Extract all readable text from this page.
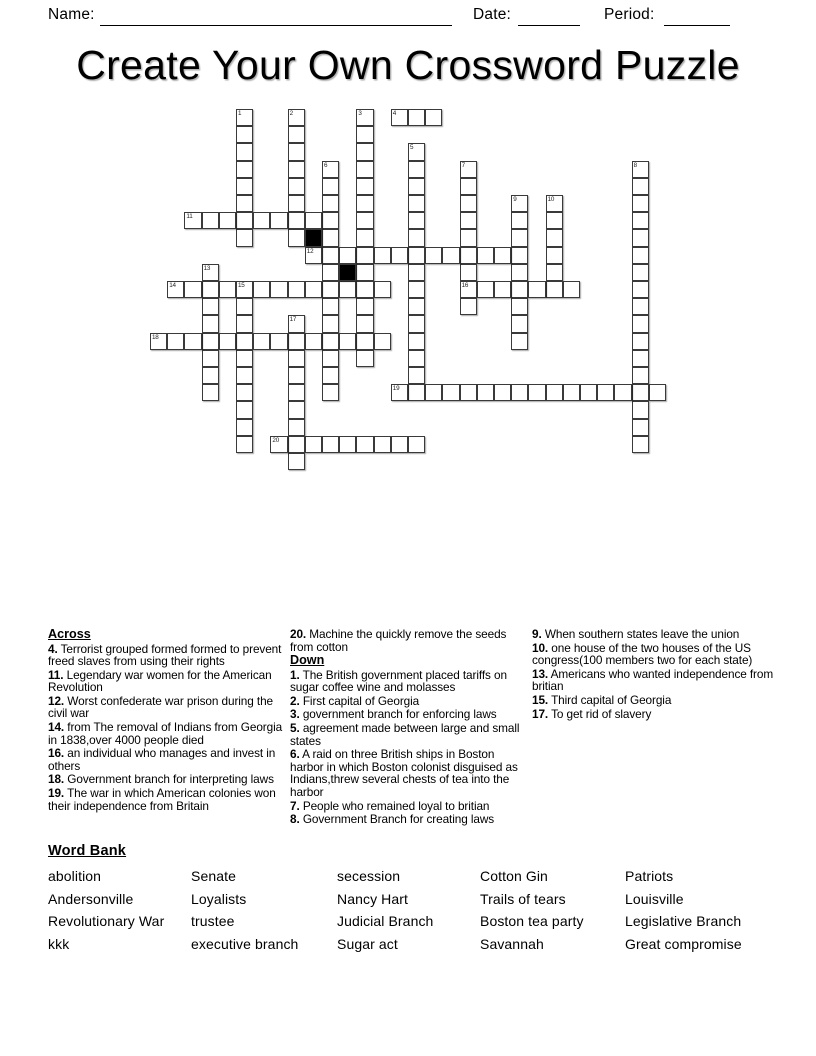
Name:	Date:	Period:
Create Your Own Crossword Puzzle
1	2	3	4
5
6	7
16
8
9	10
11
12
13
14	15
17
18
19
20

Across

4. Terrorist grouped formed formed to prevent freed slaves from using their rights

11. Legendary war women for the American Revolution

12. Worst confederate war prison during the civil war

14. from The removal of Indians from Georgia in 1838,over 4000 people died

16. an individual who manages and invest in others

18. Government branch for interpreting laws

19. The war in which American colonies won their independence from Britain

20. Machine the quickly remove the seeds from cotton

Down

1. The British government placed tariffs on sugar coffee wine and molasses

2. First capital of Georgia

3. government branch for enforcing laws

5. agreement made between large and small states

6. A raid on three British ships in Boston harbor in which Boston colonist disguised as Indians,threw several chests of tea into the harbor

7. People who remained loyal to britian

8. Government Branch for creating laws

9. When southern states leave the union

10. one house of the two houses of the US congress(100 members two for each state)

13. Americans who wanted independence from britian

15. Third capital of Georgia

17. To get rid of slavery

Word Bank
abolition	Senate	secession	Cotton Gin	Patriots
Andersonville	Loyalists	Nancy Hart	Trails of tears	Louisville
Revolutionary War	trustee	Judicial Branch	Boston tea party	Legislative Branch
kkk	executive branch	Sugar act	Savannah	Great compromise
